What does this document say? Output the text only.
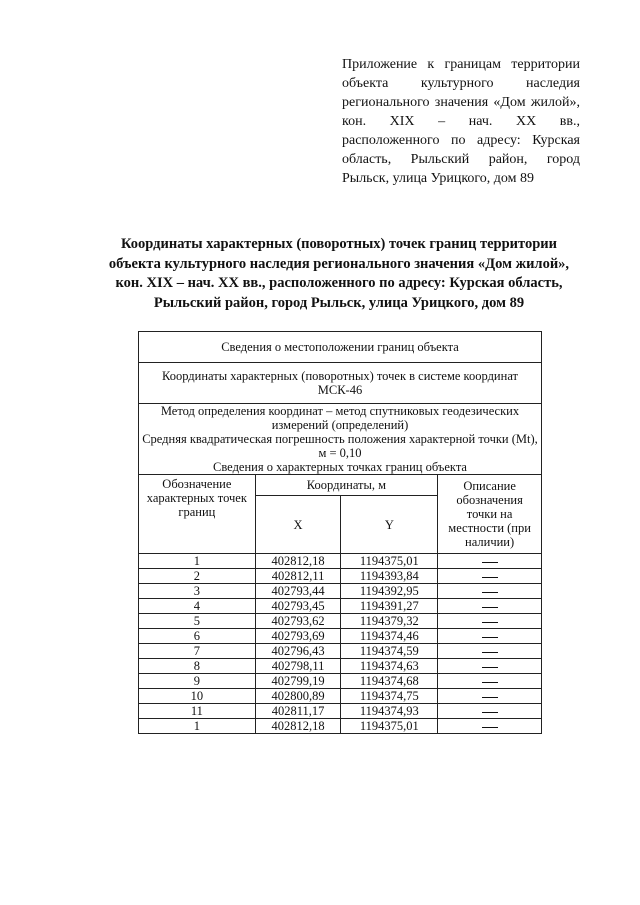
Приложение к границам территории объекта культурного наследия регионального значения «Дом жилой», кон. XIX – нач. XX вв., расположенного по адресу: Курская область, Рыльский район, город Рыльск, улица Урицкого, дом 89
Координаты характерных (поворотных) точек границ территории объекта культурного наследия регионального значения «Дом жилой», кон. XIX – нач. XX вв., расположенного по адресу: Курская область, Рыльский район, город Рыльск, улица Урицкого, дом 89
Сведения о местоположении границ объекта			
Координаты характерных (поворотных) точек в системе координат МСК-46			
Метод определения координат – метод спутниковых геодезических измерений (определений)
Средняя квадратическая погрешность положения характерной точки (Mt), м = 0,10

Сведения о характерных точках границ объекта			

Обозначение характерных точек границ	Координаты, м		Описание обозначения точки на местности (при наличии)
	X	Y	
1	402812,18	1194375,01	
2	402812,11	1194393,84	
3	402793,44	1194392,95	
4	402793,45	1194391,27	
5	402793,62	1194379,32	
6	402793,69	1194374,46	
7	402796,43	1194374,59	
8	402798,11	1194374,63	
9	402799,19	1194374,68	
10	402800,89	1194374,75	
11	402811,17	1194374,93	
1	402812,18	1194375,01	
